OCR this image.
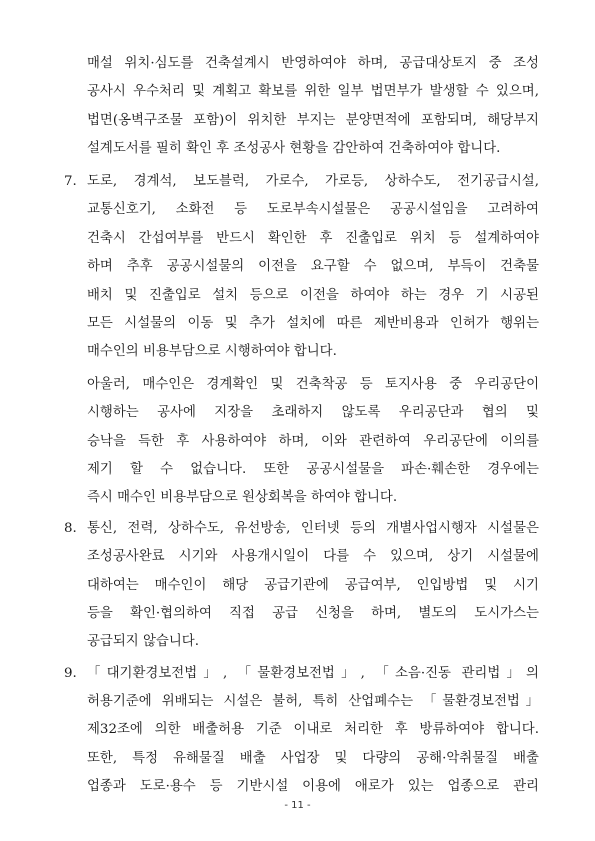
매설 위치·심도를 건축설계시 반영하여야 하며, 공급대상토지 중 조성
공사시 우수처리 및 계획고 확보를 위한 일부 법면부가 발생할 수 있으며,
법면(옹벽구조물 포함)이 위치한 부지는 분양면적에 포함되며, 해당부지
설계도서를 필히 확인 후 조성공사 현황을 감안하여 건축하여야 합니다.
7. 도로, 경계석, 보도블럭, 가로수, 가로등, 상하수도, 전기공급시설,
교통신호기, 소화전 등 도로부속시설물은 공공시설임을 고려하여
건축시 간섭여부를 반드시 확인한 후 진출입로 위치 등 설계하여야
하며 추후 공공시설물의 이전을 요구할 수 없으며, 부득이 건축물
배치 및 진출입로 설치 등으로 이전을 하여야 하는 경우 기 시공된
모든 시설물의 이동 및 추가 설치에 따른 제반비용과 인허가 행위는
매수인의 비용부담으로 시행하여야 합니다.
아울러, 매수인은 경계확인 및 건축착공 등 토지사용 중 우리공단이
시행하는 공사에 지장을 초래하지 않도록 우리공단과 협의 및
승낙을 득한 후 사용하여야 하며, 이와 관련하여 우리공단에 이의를
제기 할 수 없습니다. 또한 공공시설물을 파손·훼손한 경우에는
즉시 매수인 비용부담으로 원상회복을 하여야 합니다.
8. 통신, 전력, 상하수도, 유선방송, 인터넷 등의 개별사업시행자 시설물은
조성공사완료 시기와 사용개시일이 다를 수 있으며, 상기 시설물에
대하여는 매수인이 해당 공급기관에 공급여부, 인입방법 및 시기
등을 확인·협의하여 직접 공급 신청을 하며, 별도의 도시가스는
공급되지 않습니다.
9. 「대기환경보전법」, 「물환경보전법」, 「소음·진동 관리법」의
허용기준에 위배되는 시설은 불허, 특히 산업폐수는 「물환경보전법」
제32조에 의한 배출허용 기준 이내로 처리한 후 방류하여야 합니다.
또한, 특정 유해물질 배출 사업장 및 다량의 공해·악취물질 배출
업종과 도로·용수 등 기반시설 이용에 애로가 있는 업종으로 관리
- 11 -
